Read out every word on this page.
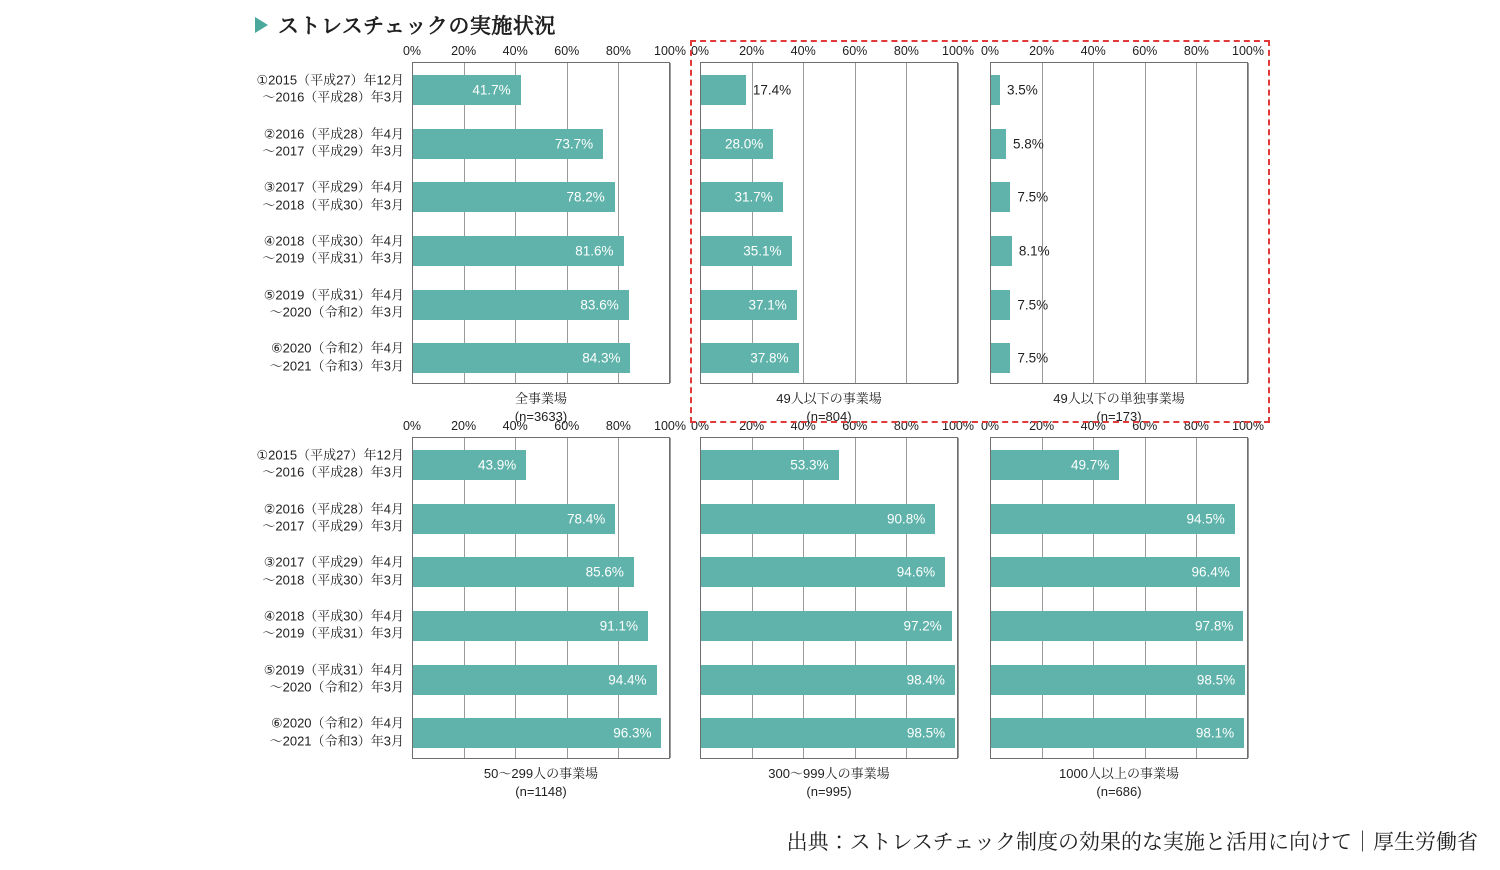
ストレスチェックの実施状況
①2015（平成27）年12月
～2016（平成28）年3月
②2016（平成28）年4月
～2017（平成29）年3月
③2017（平成29）年4月
～2018（平成30）年3月
④2018（平成30）年4月
～2019（平成31）年3月
⑤2019（平成31）年4月
～2020（令和2）年3月
⑥2020（令和2）年4月
～2021（令和3）年3月
0% 20% 40% 60% 80% 100%
41.7%
73.7%
78.2%
81.6%
83.6%
84.3%
全事業場
(n=3633)
0% 20% 40% 60% 80% 100%
17.4%
28.0%
31.7%
35.1%
37.1%
37.8%
49人以下の事業場
(n=804)
0% 20% 40% 60% 80% 100%
3.5%
5.8%
7.5%
8.1%
7.5%
7.5%
49人以下の単独事業場
(n=173)
①2015（平成27）年12月
～2016（平成28）年3月
②2016（平成28）年4月
～2017（平成29）年3月
③2017（平成29）年4月
～2018（平成30）年3月
④2018（平成30）年4月
～2019（平成31）年3月
⑤2019（平成31）年4月
～2020（令和2）年3月
⑥2020（令和2）年4月
～2021（令和3）年3月
0% 20% 40% 60% 80% 100%
43.9%
78.4%
85.6%
91.1%
94.4%
96.3%
50〜299人の事業場
(n=1148)
0% 20% 40% 60% 80% 100%
53.3%
90.8%
94.6%
97.2%
98.4%
98.5%
300〜999人の事業場
(n=995)
0% 20% 40% 60% 80% 100%
49.7%
94.5%
96.4%
97.8%
98.5%
98.1%
1000人以上の事業場
(n=686)
出典：ストレスチェック制度の効果的な実施と活用に向けて｜厚生労働省
